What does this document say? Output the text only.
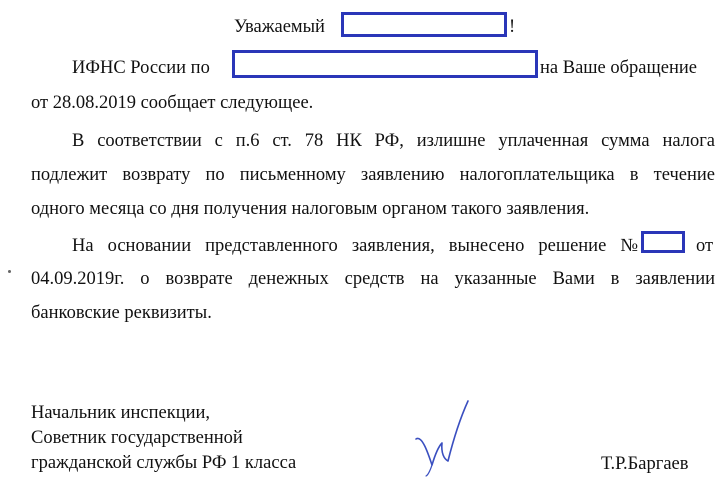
Уважаемый	!
ИФНС России по	на Ваше обращение
от 28.08.2019 сообщает следующее.
В соответствии с п.6 ст. 78 НК РФ, излишне уплаченная сумма налога
подлежит возврату по письменному заявлению налогоплательщика в течение
одного месяца со дня получения налоговым органом такого заявления.
На основании представленного заявления, вынесено решение №	от
04.09.2019г. о возврате денежных средств на указанные Вами в заявлении
банковские реквизиты.
Начальник инспекции,
Советник государственной
гражданской службы РФ 1 класса	Т.Р.Баргаев
